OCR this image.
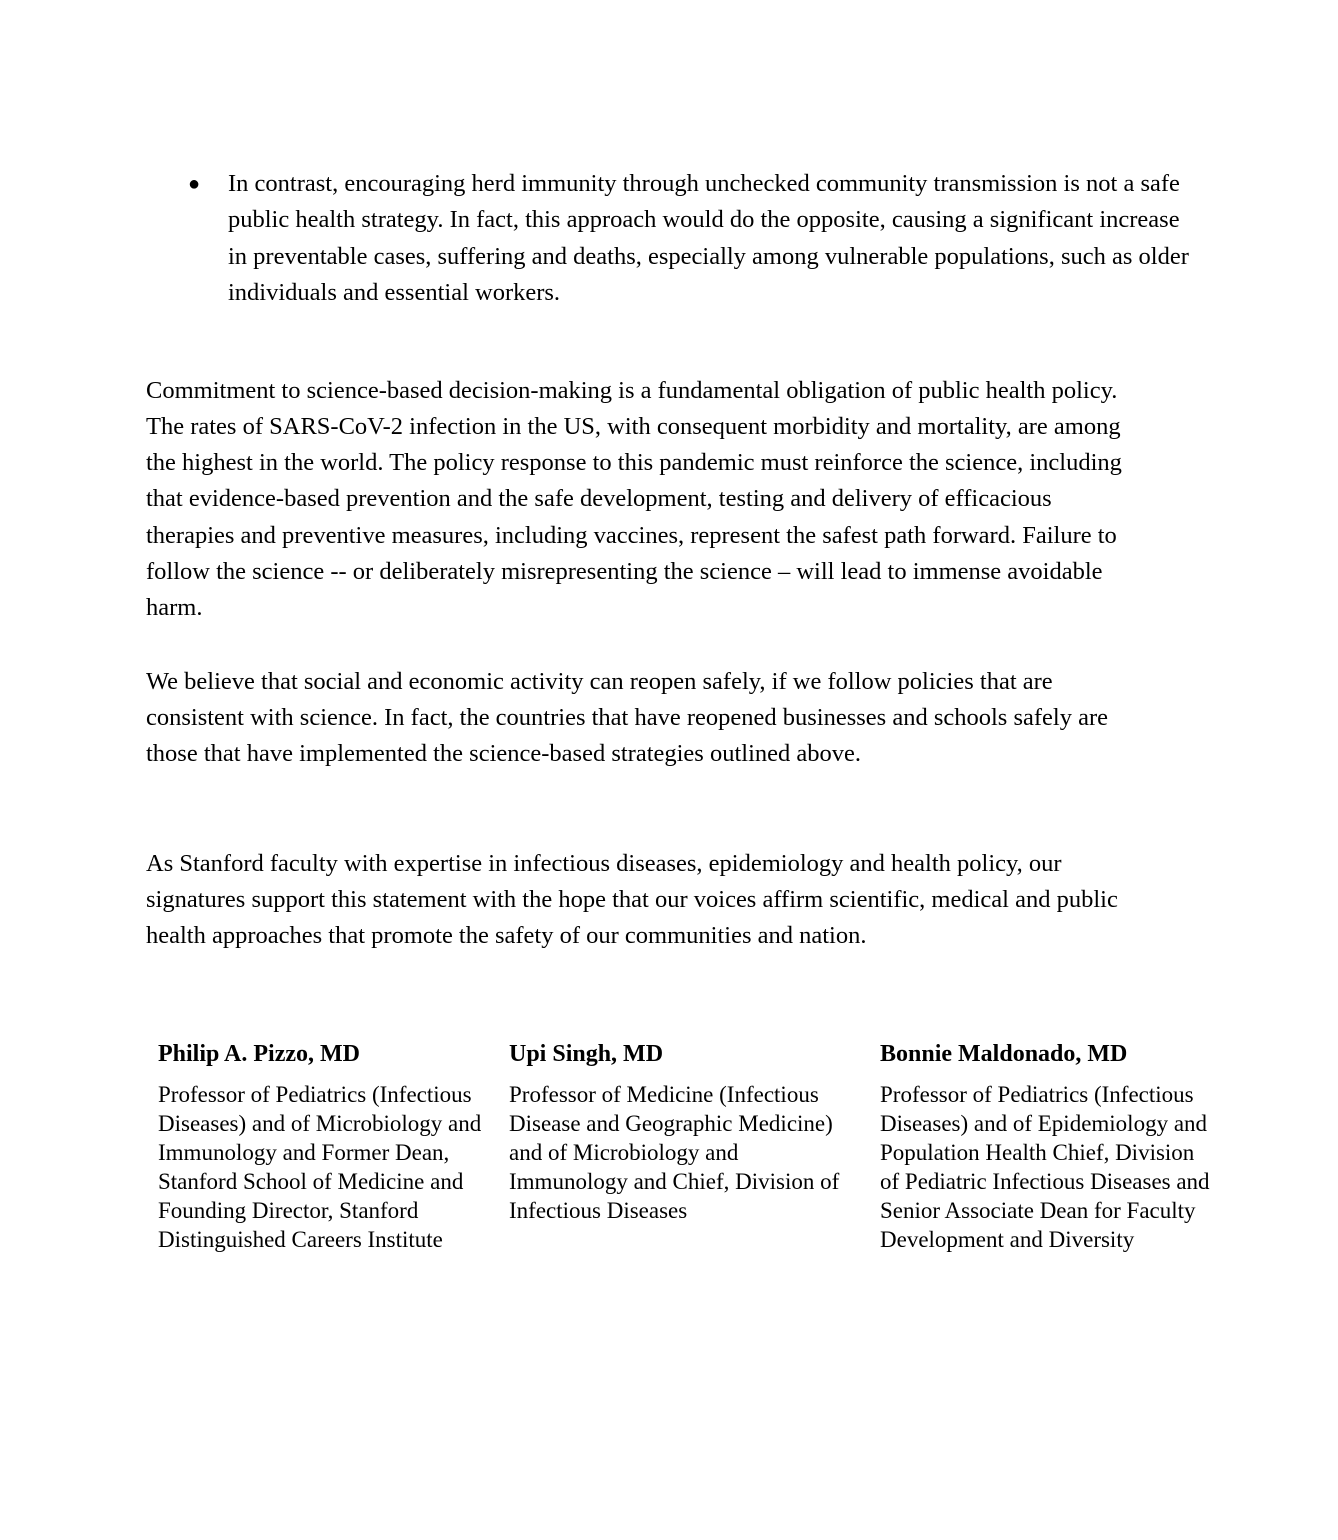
●	In contrast, encouraging herd immunity through unchecked community transmission is not a safe public health strategy. In fact, this approach would do the opposite, causing a significant increase in preventable cases, suffering and deaths, especially among vulnerable populations, such as older individuals and essential workers.

Commitment to science-based decision-making is a fundamental obligation of public health policy. The rates of SARS-CoV-2 infection in the US, with consequent morbidity and mortality, are among the highest in the world. The policy response to this pandemic must reinforce the science, including that evidence-based prevention and the safe development, testing and delivery of efficacious therapies and preventive measures, including vaccines, represent the safest path forward. Failure to follow the science -- or deliberately misrepresenting the science – will lead to immense avoidable harm.

We believe that social and economic activity can reopen safely, if we follow policies that are consistent with science. In fact, the countries that have reopened businesses and schools safely are those that have implemented the science-based strategies outlined above.

As Stanford faculty with expertise in infectious diseases, epidemiology and health policy, our signatures support this statement with the hope that our voices affirm scientific, medical and public health approaches that promote the safety of our communities and nation.

Philip A. Pizzo, MD
Professor of Pediatrics (Infectious Diseases) and of Microbiology and Immunology and Former Dean, Stanford School of Medicine and Founding Director, Stanford Distinguished Careers Institute
Upi Singh, MD
Professor of Medicine (Infectious Disease and Geographic Medicine) and of Microbiology and Immunology and Chief, Division of Infectious Diseases
Bonnie Maldonado, MD
Professor of Pediatrics (Infectious Diseases) and of Epidemiology and Population Health Chief, Division of Pediatric Infectious Diseases and Senior Associate Dean for Faculty Development and Diversity
